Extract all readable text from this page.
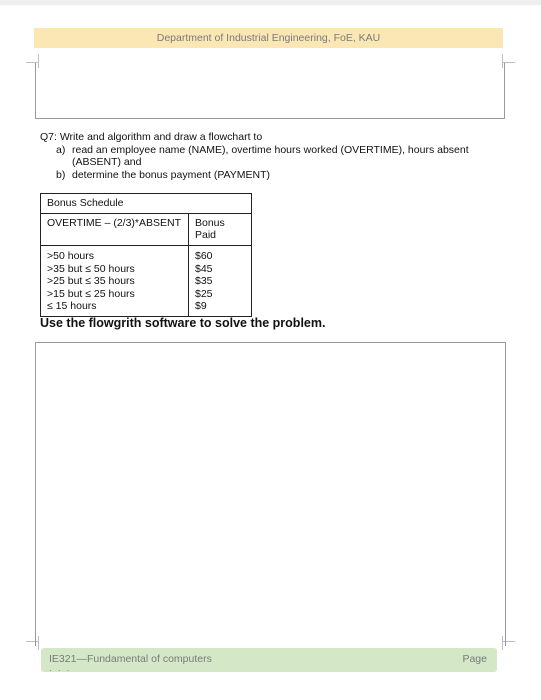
Department of Industrial Engineering, FoE, KAU
Q7: Write and algorithm and draw a flowchart to
a) read an employee name (NAME), overtime hours worked (OVERTIME), hours absent (ABSENT) and
b) determine the bonus payment (PAYMENT)
Bonus Schedule
OVERTIME – (2/3)*ABSENT	Bonus Paid
>50 hours
>35 but ≤ 50 hours
>25 but ≤ 35 hours
>15 but ≤ 25 hours
≤ 15 hours
$60
$45
$35
$25
$9
Use the flowgrith software to solve the problem.
IE321—Fundamental of computers	Page
․ ․ ․
